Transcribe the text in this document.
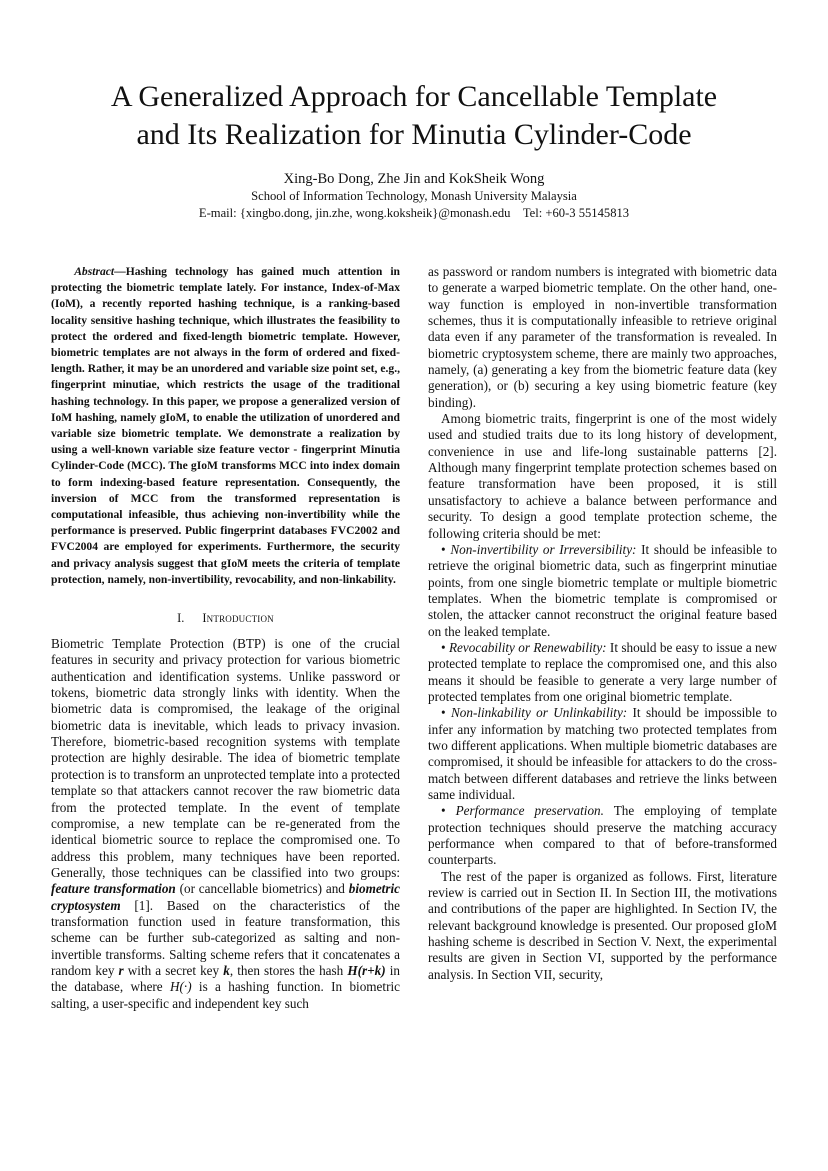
A Generalized Approach for Cancellable Template
and Its Realization for Minutia Cylinder-Code
Xing-Bo Dong, Zhe Jin and KokSheik Wong
School of Information Technology, Monash University Malaysia
E-mail: {xingbo.dong, jin.zhe, wong.koksheik}@monash.edu    Tel: +60-3 55145813

  Abstract—Hashing technology has gained much attention in protecting the biometric template lately. For instance, Index-of-Max (IoM), a recently reported hashing technique, is a ranking-based locality sensitive hashing technique, which illustrates the feasibility to protect the ordered and fixed-length biometric template. However, biometric templates are not always in the form of ordered and fixed-length. Rather, it may be an unordered and variable size point set, e.g., fingerprint minutiae, which restricts the usage of the traditional hashing technology. In this paper, we propose a generalized version of IoM hashing, namely gIoM, to enable the utilization of unordered and variable size biometric template. We demonstrate a realization by using a well-known variable size feature vector - fingerprint Minutia Cylinder-Code (MCC). The gIoM transforms MCC into index domain to form indexing-based feature representation. Consequently, the inversion of MCC from the transformed representation is computational infeasible, thus achieving non-invertibility while the performance is preserved. Public fingerprint databases FVC2002 and FVC2004 are employed for experiments. Furthermore, the security and privacy analysis suggest that gIoM meets the criteria of template protection, namely, non-invertibility, revocability, and non-linkability.

I. Introduction

Biometric Template Protection (BTP) is one of the crucial features in security and privacy protection for various biometric authentication and identification systems. Unlike password or tokens, biometric data strongly links with identity. When the biometric data is compromised, the leakage of the original biometric data is inevitable, which leads to privacy invasion. Therefore, biometric-based recognition systems with template protection are highly desirable. The idea of biometric template protection is to transform an unprotected template into a protected template so that attackers cannot recover the raw biometric data from the protected template. In the event of template compromise, a new template can be re-generated from the identical biometric source to replace the compromised one. To address this problem, many techniques have been reported. Generally, those techniques can be classified into two groups: feature transformation (or cancellable biometrics) and biometric cryptosystem [1]. Based on the characteristics of the transformation function used in feature transformation, this scheme can be further sub-categorized as salting and non-invertible transforms. Salting scheme refers that it concatenates a random key r with a secret key k, then stores the hash H(r+k) in the database, where H(·) is a hashing function. In biometric salting, a user-specific and independent key such

as password or random numbers is integrated with biometric data to generate a warped biometric template. On the other hand, one-way function is employed in non-invertible transformation schemes, thus it is computationally infeasible to retrieve original data even if any parameter of the transformation is revealed. In biometric cryptosystem scheme, there are mainly two approaches, namely, (a) generating a key from the biometric feature data (key generation), or (b) securing a key using biometric feature (key binding).

Among biometric traits, fingerprint is one of the most widely used and studied traits due to its long history of development, convenience in use and life-long sustainable patterns [2]. Although many fingerprint template protection schemes based on feature transformation have been proposed, it is still unsatisfactory to achieve a balance between performance and security. To design a good template protection scheme, the following criteria should be met:

• Non-invertibility or Irreversibility: It should be infeasible to retrieve the original biometric data, such as fingerprint minutiae points, from one single biometric template or multiple biometric templates. When the biometric template is compromised or stolen, the attacker cannot reconstruct the original feature based on the leaked template.

• Revocability or Renewability: It should be easy to issue a new protected template to replace the compromised one, and this also means it should be feasible to generate a very large number of protected templates from one original biometric template.

• Non-linkability or Unlinkability: It should be impossible to infer any information by matching two protected templates from two different applications. When multiple biometric databases are compromised, it should be infeasible for attackers to do the cross-match between different databases and retrieve the links between same individual.

• Performance preservation. The employing of template protection techniques should preserve the matching accuracy performance when compared to that of before-transformed counterparts.

The rest of the paper is organized as follows. First, literature review is carried out in Section II. In Section III, the motivations and contributions of the paper are highlighted. In Section IV, the relevant background knowledge is presented. Our proposed gIoM hashing scheme is described in Section V. Next, the experimental results are given in Section VI, supported by the performance analysis. In Section VII, security,
